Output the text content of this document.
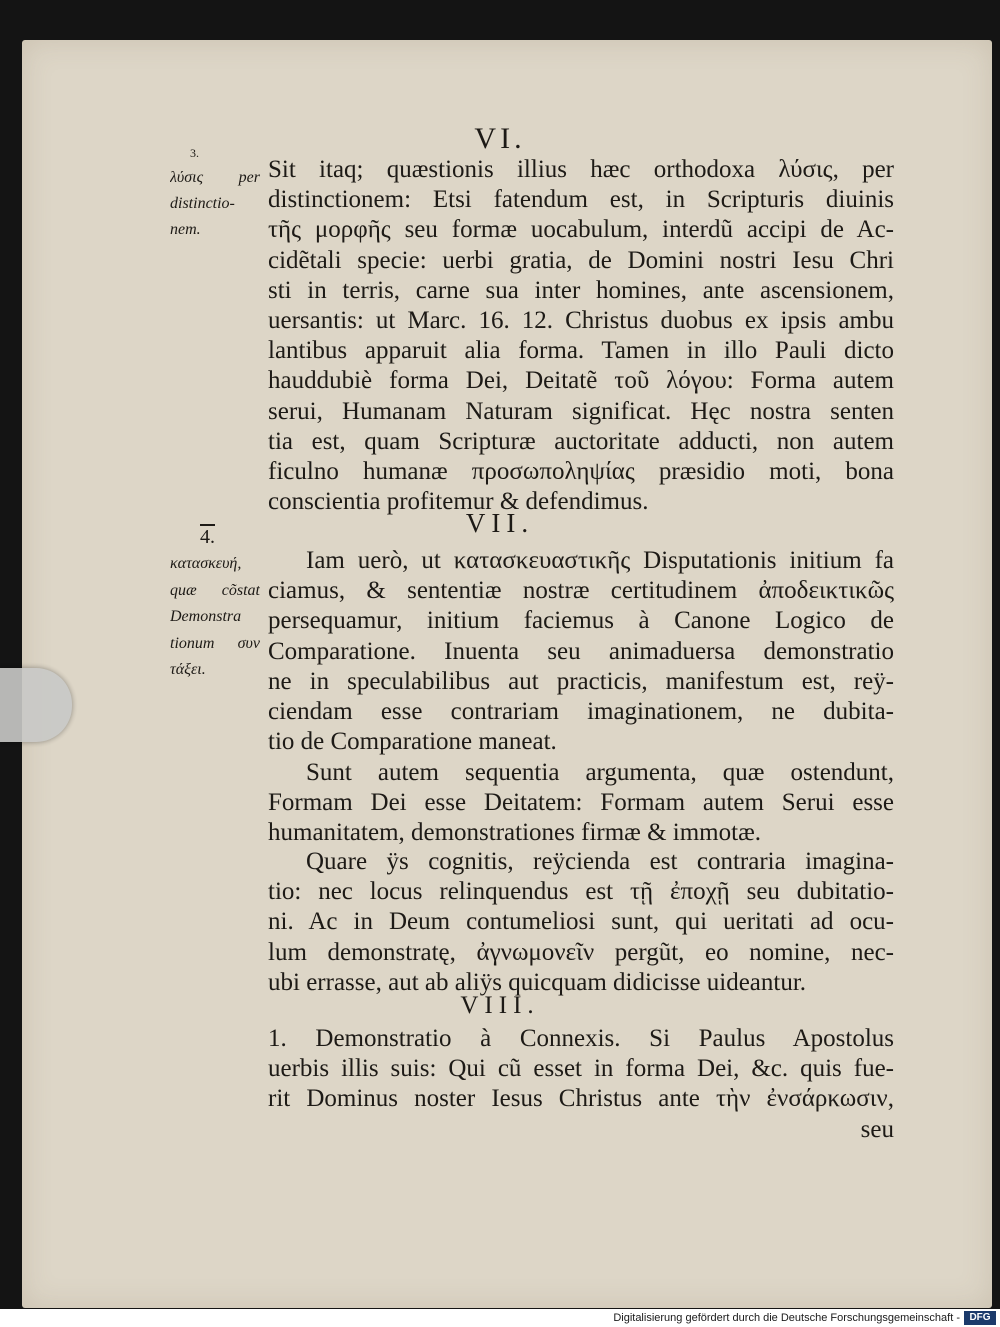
VI.
3.
λύσις per
distinctio-
nem.
Sit itaq; quæstionis illius hæc orthodoxa λύσις, per
distinctionem: Etsi fatendum est, in Scripturis diuinis
τῆς μορφῆς seu formæ uocabulum, interdũ accipi de Ac-
cidẽtali specie: uerbi gratia, de Domini nostri Iesu Chri
sti in terris, carne sua inter homines, ante ascensionem,
uersantis: ut Marc. 16. 12. Christus duobus ex ipsis ambu
lantibus apparuit alia forma. Tamen in illo Pauli dicto
hauddubiè forma Dei, Deitatẽ τοῦ λόγου: Forma autem
serui, Humanam Naturam significat. Hęc nostra senten
tia est, quam Scripturæ auctoritate adducti, non autem
ficulno humanæ προσωποληψίας præsidio moti, bona
conscientia profitemur & defendimus.
VII.
4.
κατασκευή,
quæ cõstat
Demonstra
tionum συν
τάξει.
Iam uerò, ut κατασκευαστικῆς Disputationis initium fa
ciamus, & sententiæ nostræ certitudinem ἀποδεικτικῶς
persequamur, initium faciemus à Canone Logico de
Comparatione. Inuenta seu animaduersa demonstratio
ne in speculabilibus aut practicis, manifestum est, reÿ-
ciendam esse contrariam imaginationem, ne dubita-
tio de Comparatione maneat.
Sunt autem sequentia argumenta, quæ ostendunt,
Formam Dei esse Deitatem: Formam autem Serui esse
humanitatem, demonstrationes firmæ & immotæ.
Quare ÿs cognitis, reÿcienda est contraria imagina-
tio: nec locus relinquendus est τῇ ἐποχῇ seu dubitatio-
ni. Ac in Deum contumeliosi sunt, qui ueritati ad ocu-
lum demonstratę, ἀγνωμονεῖν pergũt, eo nomine, nec-
ubi errasse, aut ab aliÿs quicquam didicisse uideantur.
VIII.
1. Demonstratio à Connexis. Si Paulus Apostolus
uerbis illis suis: Qui cũ esset in forma Dei, &c. quis fue-
rit Dominus noster Iesus Christus ante τὴν ἐνσάρκωσιν,
seu
Digitalisierung gefördert durch die Deutsche Forschungsgemeinschaft - DFG
